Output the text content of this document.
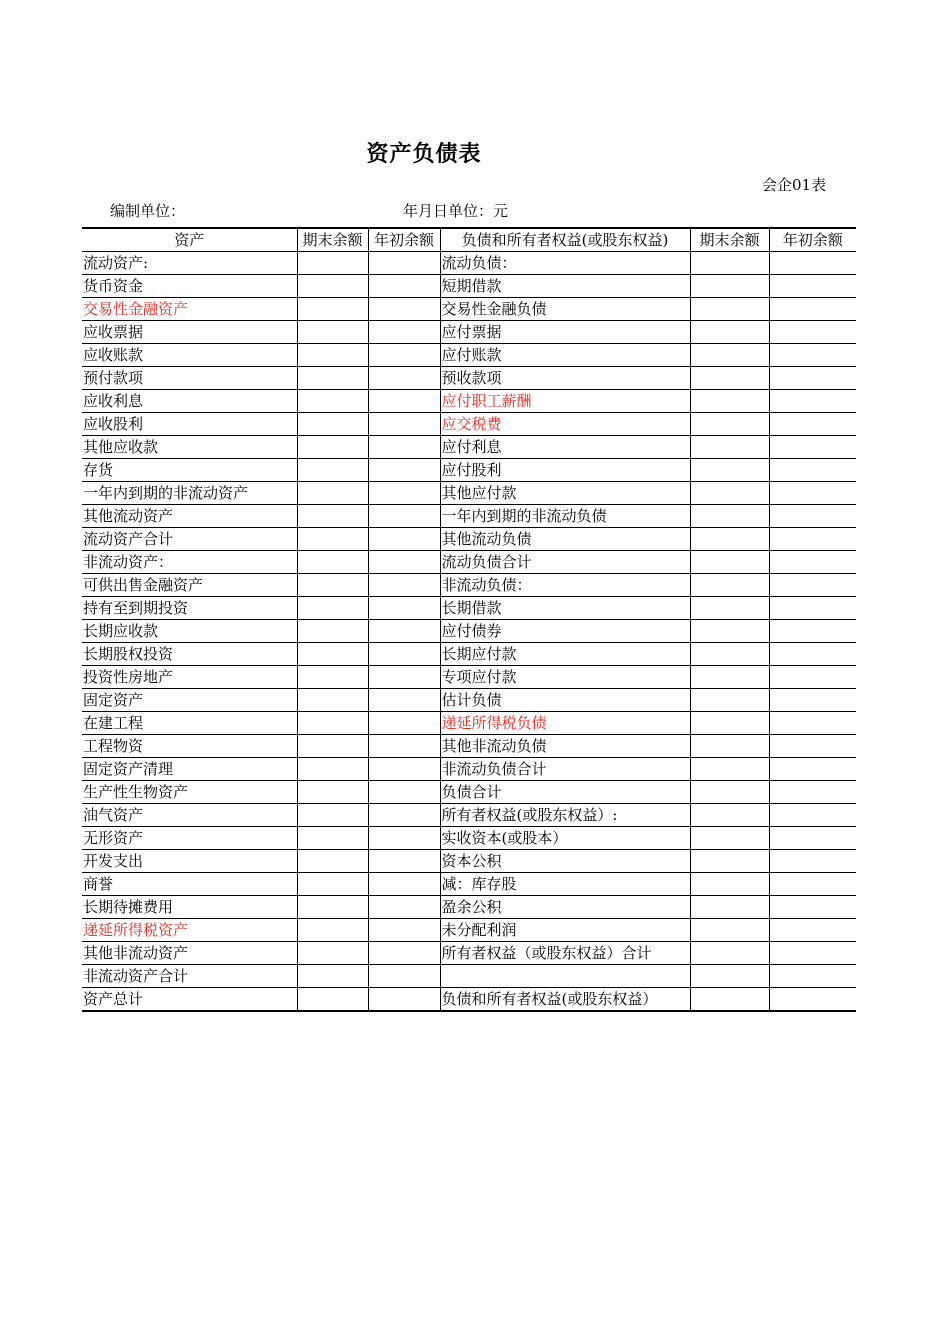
资产负债表
会企01表
编制单位：	年月日单位：元
资产	期末余额	年初余额	负债和所有者权益(或股东权益)	期末余额	年初余额
流动资产:			流动负债：		
货币资金			短期借款		
交易性金融资产			交易性金融负债		
应收票据			应付票据		
应收账款			应付账款		
预付款项			预收款项		
应收利息			应付职工薪酬		
应收股利			应交税费		
其他应收款			应付利息		
存货			应付股利		
一年内到期的非流动资产			其他应付款		
其他流动资产			一年内到期的非流动负债		
流动资产合计			其他流动负债		
非流动资产：			流动负债合计		
可供出售金融资产			非流动负债：		
持有至到期投资			长期借款		
长期应收款			应付债券		
长期股权投资			长期应付款		
投资性房地产			专项应付款		
固定资产			估计负债		
在建工程			递延所得税负债		
工程物资			其他非流动负债		
固定资产清理			非流动负债合计		
生产性生物资产			负债合计		
油气资产			所有者权益(或股东权益）:		
无形资产			实收资本(或股本）		
开发支出			资本公积		
商誉			减：库存股		
长期待摊费用			盈余公积		
递延所得税资产			未分配利润		
其他非流动资产			所有者权益（或股东权益）合计		
非流动资产合计					
资产总计			负债和所有者权益(或股东权益）		
